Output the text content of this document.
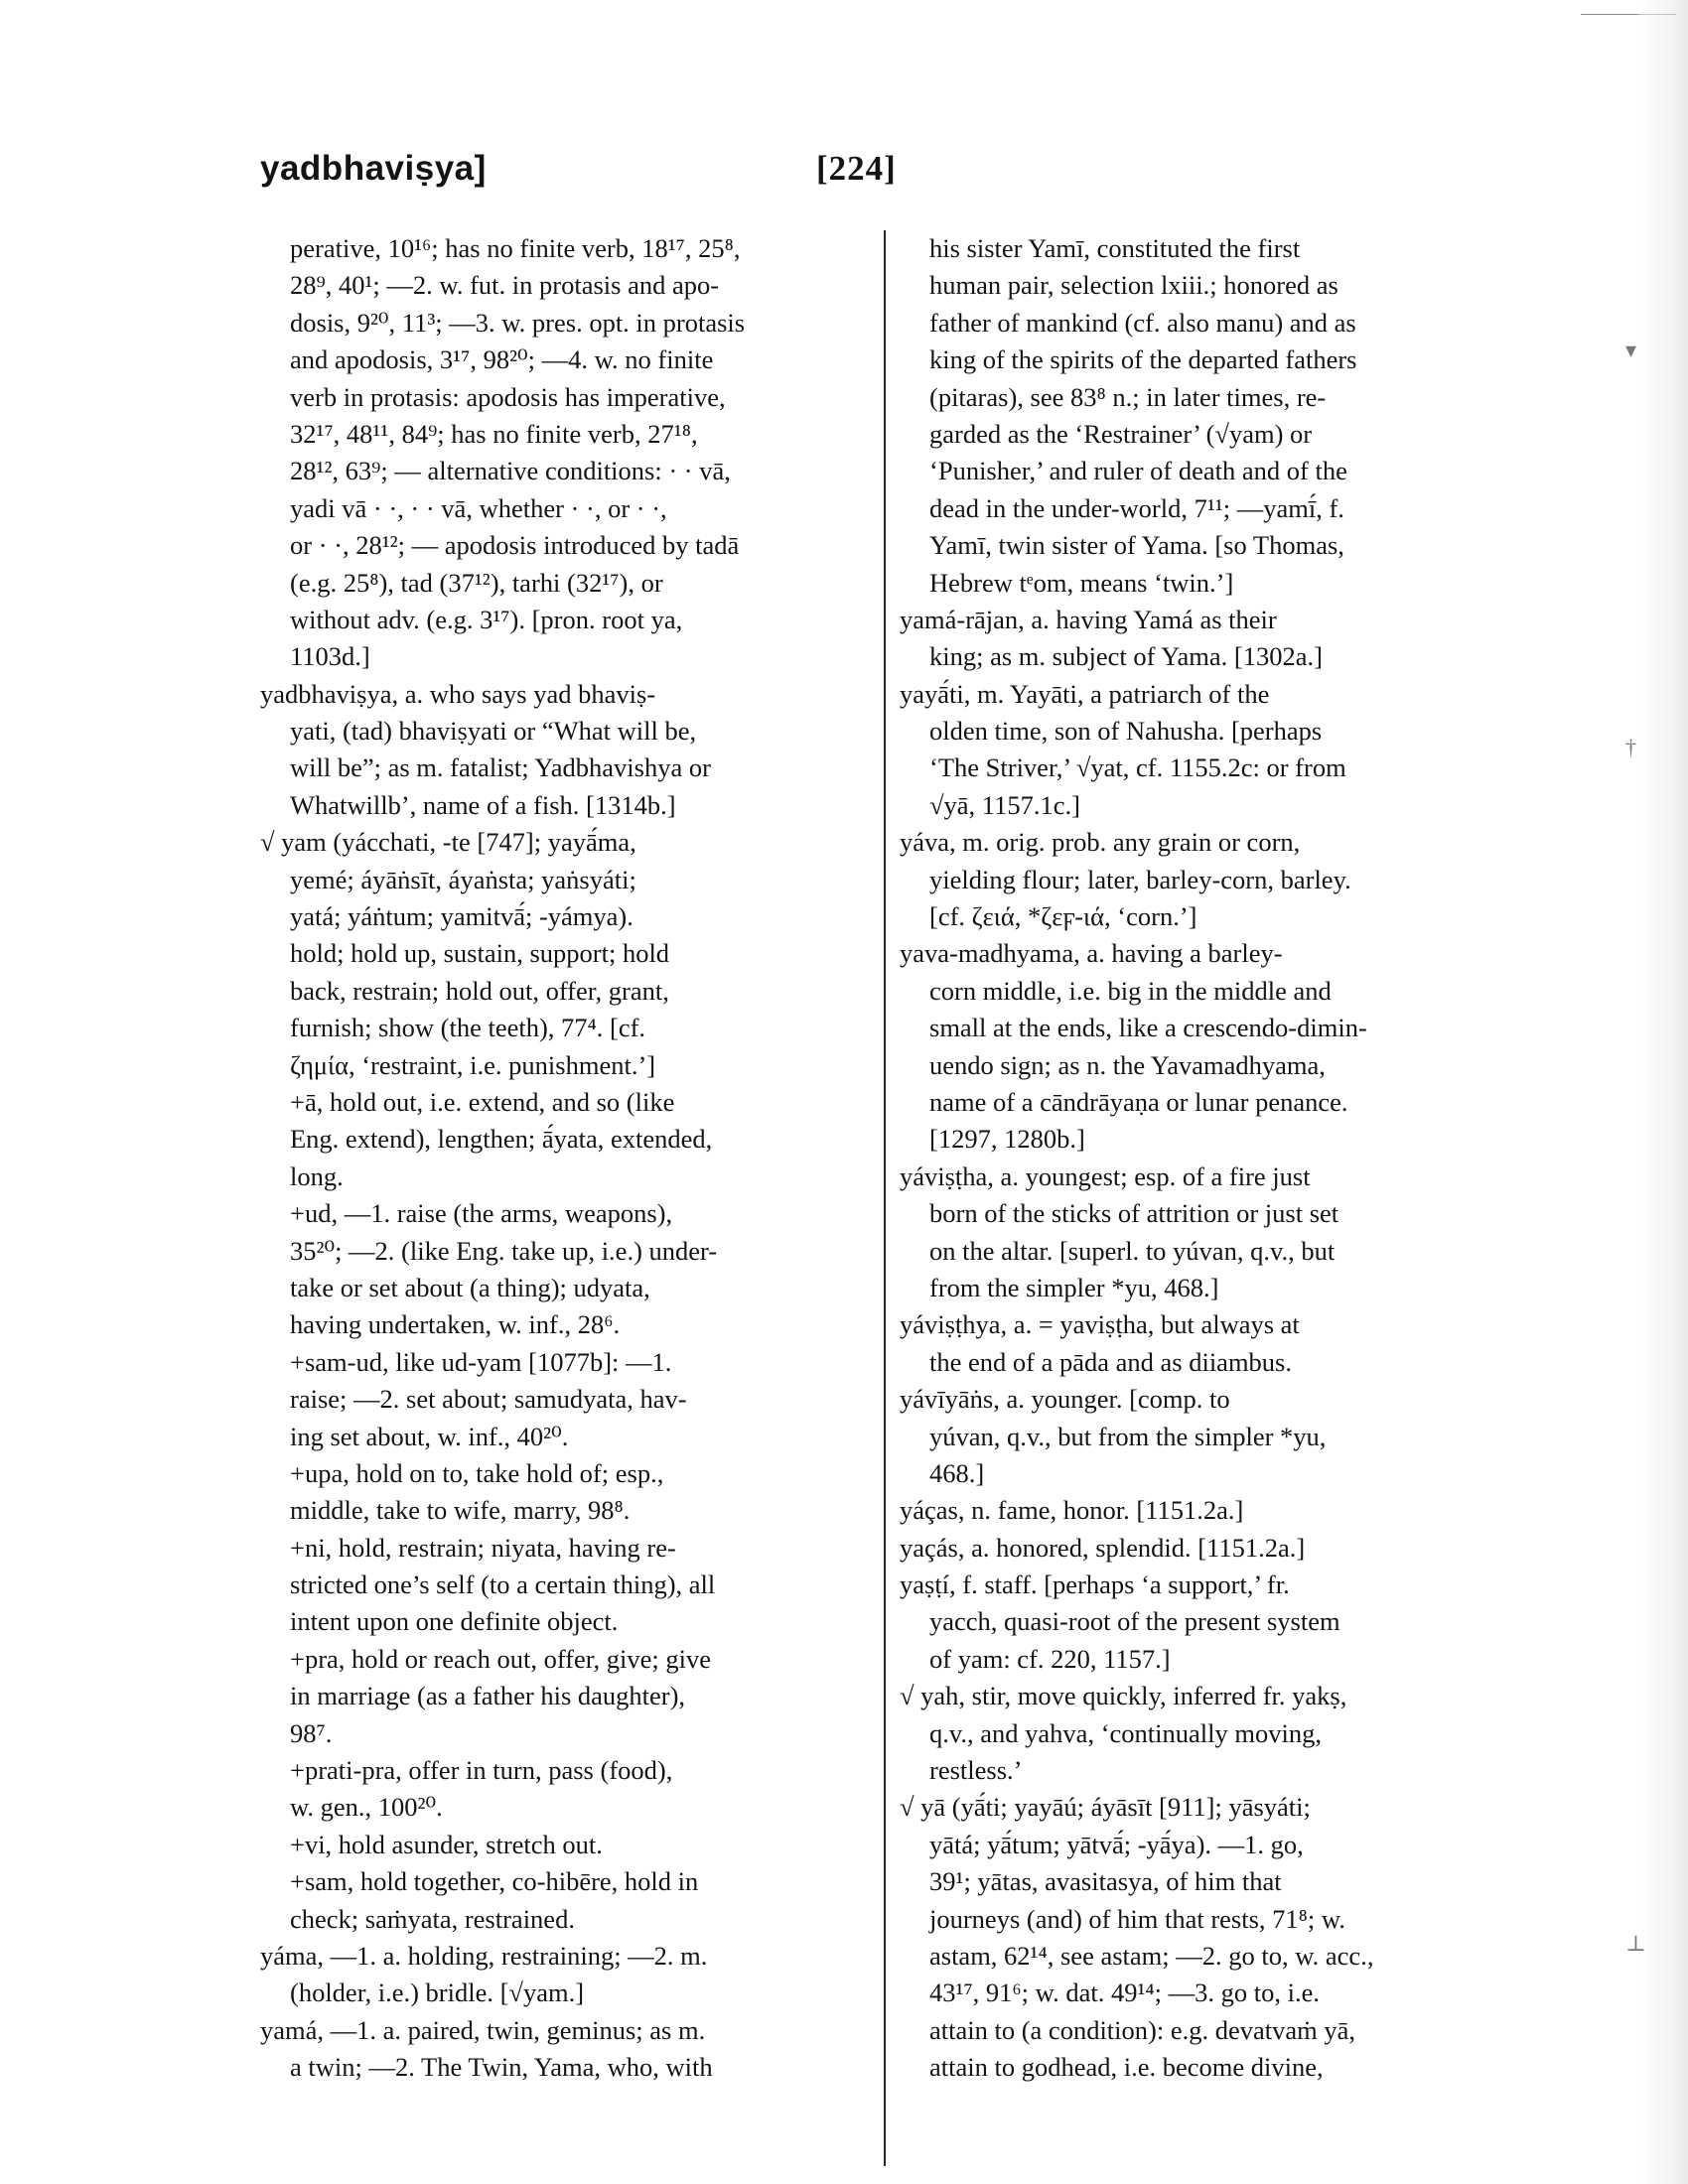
▾
†
⊥
yadbhaviṣya]	[224]
perative, 10¹⁶; has no finite verb, 18¹⁷, 25⁸,
28⁹, 40¹; —2. w. fut. in protasis and apo-
dosis, 9²⁰, 11³; —3. w. pres. opt. in protasis
and apodosis, 3¹⁷, 98²⁰; —4. w. no finite
verb in protasis: apodosis has imperative,
32¹⁷, 48¹¹, 84⁹; has no finite verb, 27¹⁸,
28¹², 63⁹; — alternative conditions: · · vā,
yadi vā · ·, · · vā, whether · ·, or · ·,
or · ·, 28¹²; — apodosis introduced by tadā
(e.g. 25⁸), tad (37¹²), tarhi (32¹⁷), or
without adv. (e.g. 3¹⁷). [pron. root ya,
1103d.]
yadbhaviṣya, a. who says yad bhaviṣ-
yati, (tad) bhaviṣyati or “What will be,
will be”; as m. fatalist; Yadbhavishya or
Whatwillb’, name of a fish. [1314b.]
√ yam (yácchati, -te [747]; yayā́ma,
yemé; áyāṅsīt, áyaṅsta; yaṅsyáti;
yatá; yáṅtum; yamitvā́; -yámya).
hold; hold up, sustain, support; hold
back, restrain; hold out, offer, grant,
furnish; show (the teeth), 77⁴. [cf.
ζημία, ‘restraint, i.e. punishment.’]
+ā, hold out, i.e. extend, and so (like
Eng. extend), lengthen; ā́yata, extended,
long.
+ud, —1. raise (the arms, weapons),
35²⁰; —2. (like Eng. take up, i.e.) under-
take or set about (a thing); udyata,
having undertaken, w. inf., 28⁶.
+sam-ud, like ud-yam [1077b]: —1.
raise; —2. set about; samudyata, hav-
ing set about, w. inf., 40²⁰.
+upa, hold on to, take hold of; esp.,
middle, take to wife, marry, 98⁸.
+ni, hold, restrain; niyata, having re-
stricted one’s self (to a certain thing), all
intent upon one definite object.
+pra, hold or reach out, offer, give; give
in marriage (as a father his daughter),
98⁷.
+prati-pra, offer in turn, pass (food),
w. gen., 100²⁰.
+vi, hold asunder, stretch out.
+sam, hold together, co-hibēre, hold in
check; saṁyata, restrained.
yáma, —1. a. holding, restraining; —2. m.
(holder, i.e.) bridle. [√yam.]
yamá, —1. a. paired, twin, geminus; as m.
a twin; —2. The Twin, Yama, who, with
his sister Yamī, constituted the first
human pair, selection lxiii.; honored as
father of mankind (cf. also manu) and as
king of the spirits of the departed fathers
(pitaras), see 83⁸ n.; in later times, re-
garded as the ‘Restrainer’ (√yam) or
‘Punisher,’ and ruler of death and of the
dead in the under-world, 7¹¹; —yamī́, f.
Yamī, twin sister of Yama. [so Thomas,
Hebrew tᵉom, means ‘twin.’]
yamá-rājan, a. having Yamá as their
king; as m. subject of Yama. [1302a.]
yayā́ti, m. Yayāti, a patriarch of the
olden time, son of Nahusha. [perhaps
‘The Striver,’ √yat, cf. 1155.2c: or from
√yā, 1157.1c.]
yáva, m. orig. prob. any grain or corn,
yielding flour; later, barley-corn, barley.
[cf. ζειά, *ζεϝ-ιά, ‘corn.’]
yava-madhyama, a. having a barley-
corn middle, i.e. big in the middle and
small at the ends, like a crescendo-dimin-
uendo sign; as n. the Yavamadhyama,
name of a cāndrāyaṇa or lunar penance.
[1297, 1280b.]
yáviṣṭha, a. youngest; esp. of a fire just
born of the sticks of attrition or just set
on the altar. [superl. to yúvan, q.v., but
from the simpler *yu, 468.]
yáviṣṭhya, a. = yaviṣṭha, but always at
the end of a pāda and as diiambus.
yávīyāṅs, a. younger. [comp. to
yúvan, q.v., but from the simpler *yu,
468.]
yáças, n. fame, honor. [1151.2a.]
yaçás, a. honored, splendid. [1151.2a.]
yaṣṭí, f. staff. [perhaps ‘a support,’ fr.
yacch, quasi-root of the present system
of yam: cf. 220, 1157.]
√ yah, stir, move quickly, inferred fr. yakṣ,
q.v., and yahva, ‘continually moving,
restless.’
√ yā (yā́ti; yayāú; áyāsīt [911]; yāsyáti;
yātá; yā́tum; yātvā́; -yā́ya). —1. go,
39¹; yātas, avasitasya, of him that
journeys (and) of him that rests, 71⁸; w.
astam, 62¹⁴, see astam; —2. go to, w. acc.,
43¹⁷, 91⁶; w. dat. 49¹⁴; —3. go to, i.e.
attain to (a condition): e.g. devatvaṁ yā,
attain to godhead, i.e. become divine,
